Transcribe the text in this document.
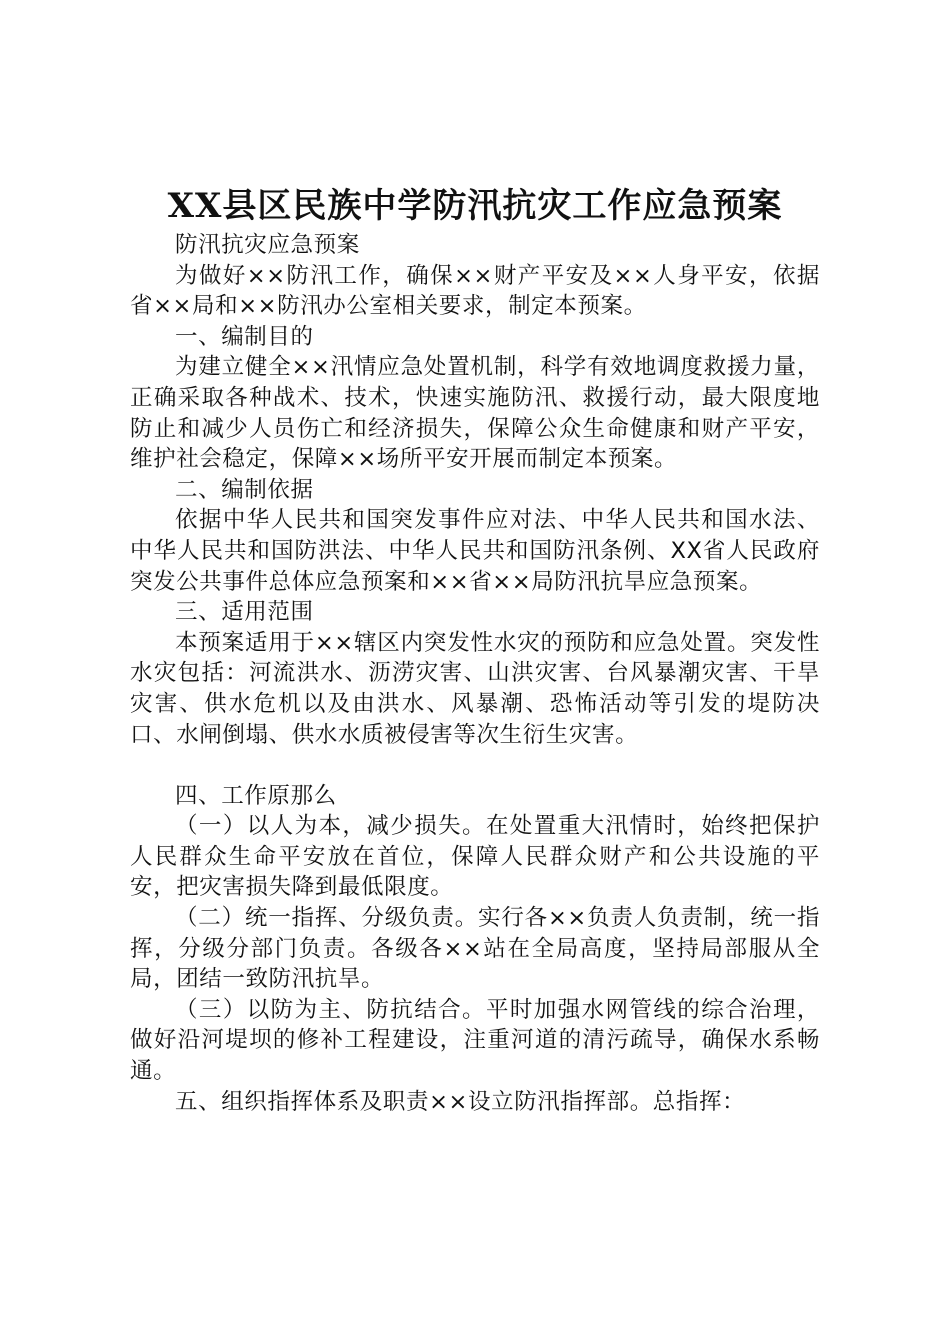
XX县区民族中学防汛抗灾工作应急预案

防汛抗灾应急预案

为做好××防汛工作，确保××财产平安及××人身平安，依据省××局和××防汛办公室相关要求，制定本预案。

一、编制目的

为建立健全××汛情应急处置机制，科学有效地调度救援力量，正确采取各种战术、技术，快速实施防汛、救援行动，最大限度地防止和减少人员伤亡和经济损失，保障公众生命健康和财产平安，维护社会稳定，保障××场所平安开展而制定本预案。

二、编制依据

依据中华人民共和国突发事件应对法、中华人民共和国水法、中华人民共和国防洪法、中华人民共和国防汛条例、XX省人民政府突发公共事件总体应急预案和××省××局防汛抗旱应急预案。

三、适用范围

本预案适用于××辖区内突发性水灾的预防和应急处置。突发性水灾包括：河流洪水、沥涝灾害、山洪灾害、台风暴潮灾害、干旱灾害、供水危机以及由洪水、风暴潮、恐怖活动等引发的堤防决口、水闸倒塌、供水水质被侵害等次生衍生灾害。

四、工作原那么

（一）以人为本，减少损失。在处置重大汛情时，始终把保护人民群众生命平安放在首位，保障人民群众财产和公共设施的平安，把灾害损失降到最低限度。

（二）统一指挥、分级负责。实行各××负责人负责制，统一指挥，分级分部门负责。各级各××站在全局高度，坚持局部服从全局，团结一致防汛抗旱。

（三）以防为主、防抗结合。平时加强水网管线的综合治理，做好沿河堤坝的修补工程建设，注重河道的清污疏导，确保水系畅通。

五、组织指挥体系及职责××设立防汛指挥部。总指挥：
